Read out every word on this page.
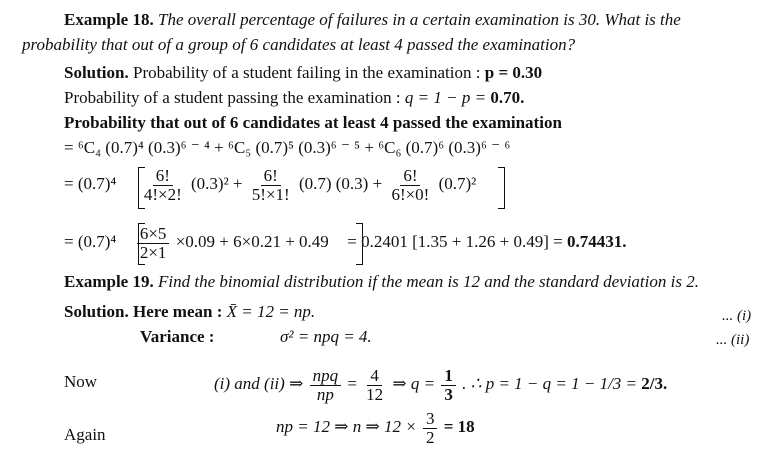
Example 18. The overall percentage of failures in a certain examination is 30. What is the
probability that out of a group of 6 candidates at least 4 passed the examination?
Solution. Probability of a student failing in the examination : p = 0.30
Probability of a student passing the examination : q = 1 − p = 0.70.
Probability that out of 6 candidates at least 4 passed the examination
= ⁶C₄ (0.7)⁴ (0.3)⁶ ⁻ ⁴ + ⁶C₅ (0.7)⁵ (0.3)⁶ ⁻ ⁵ + ⁶C₆ (0.7)⁶ (0.3)⁶ ⁻ ⁶
= $(0.7)^4 \frac{6!}{4!\times 2!} (0.3)^2 + \frac{6!}{5!\times 1!} (0.7) (0.3) + \frac{6!}{6!\times 0!} (0.7)^2$
= $(0.7)^4 \frac{6\times 5}{2\times 1} \times 0.09 + 6\times 0.21 + 0.49 = 0.2401$ [1.35 + 1.26 + 0.49] = 0.74431.
Example 19. Find the binomial distribution if the mean is 12 and the standard deviation is 2.
Solution. Here mean : X̄ = 12 = np.	... (i)
Variance :	σ² = npq = 4.	... (ii)
Now	(i) and (ii) ⇒ $\frac{\text{npq}}{np} = \frac{4}{12}$ ⇒ $q = \frac{1}{3}$ . ∴ p = 1 − q = 1 − 1/3 = 2/3.
Again	np = 12 ⇒ n ⇒ $12 \times \frac{3}{2} = 18$
